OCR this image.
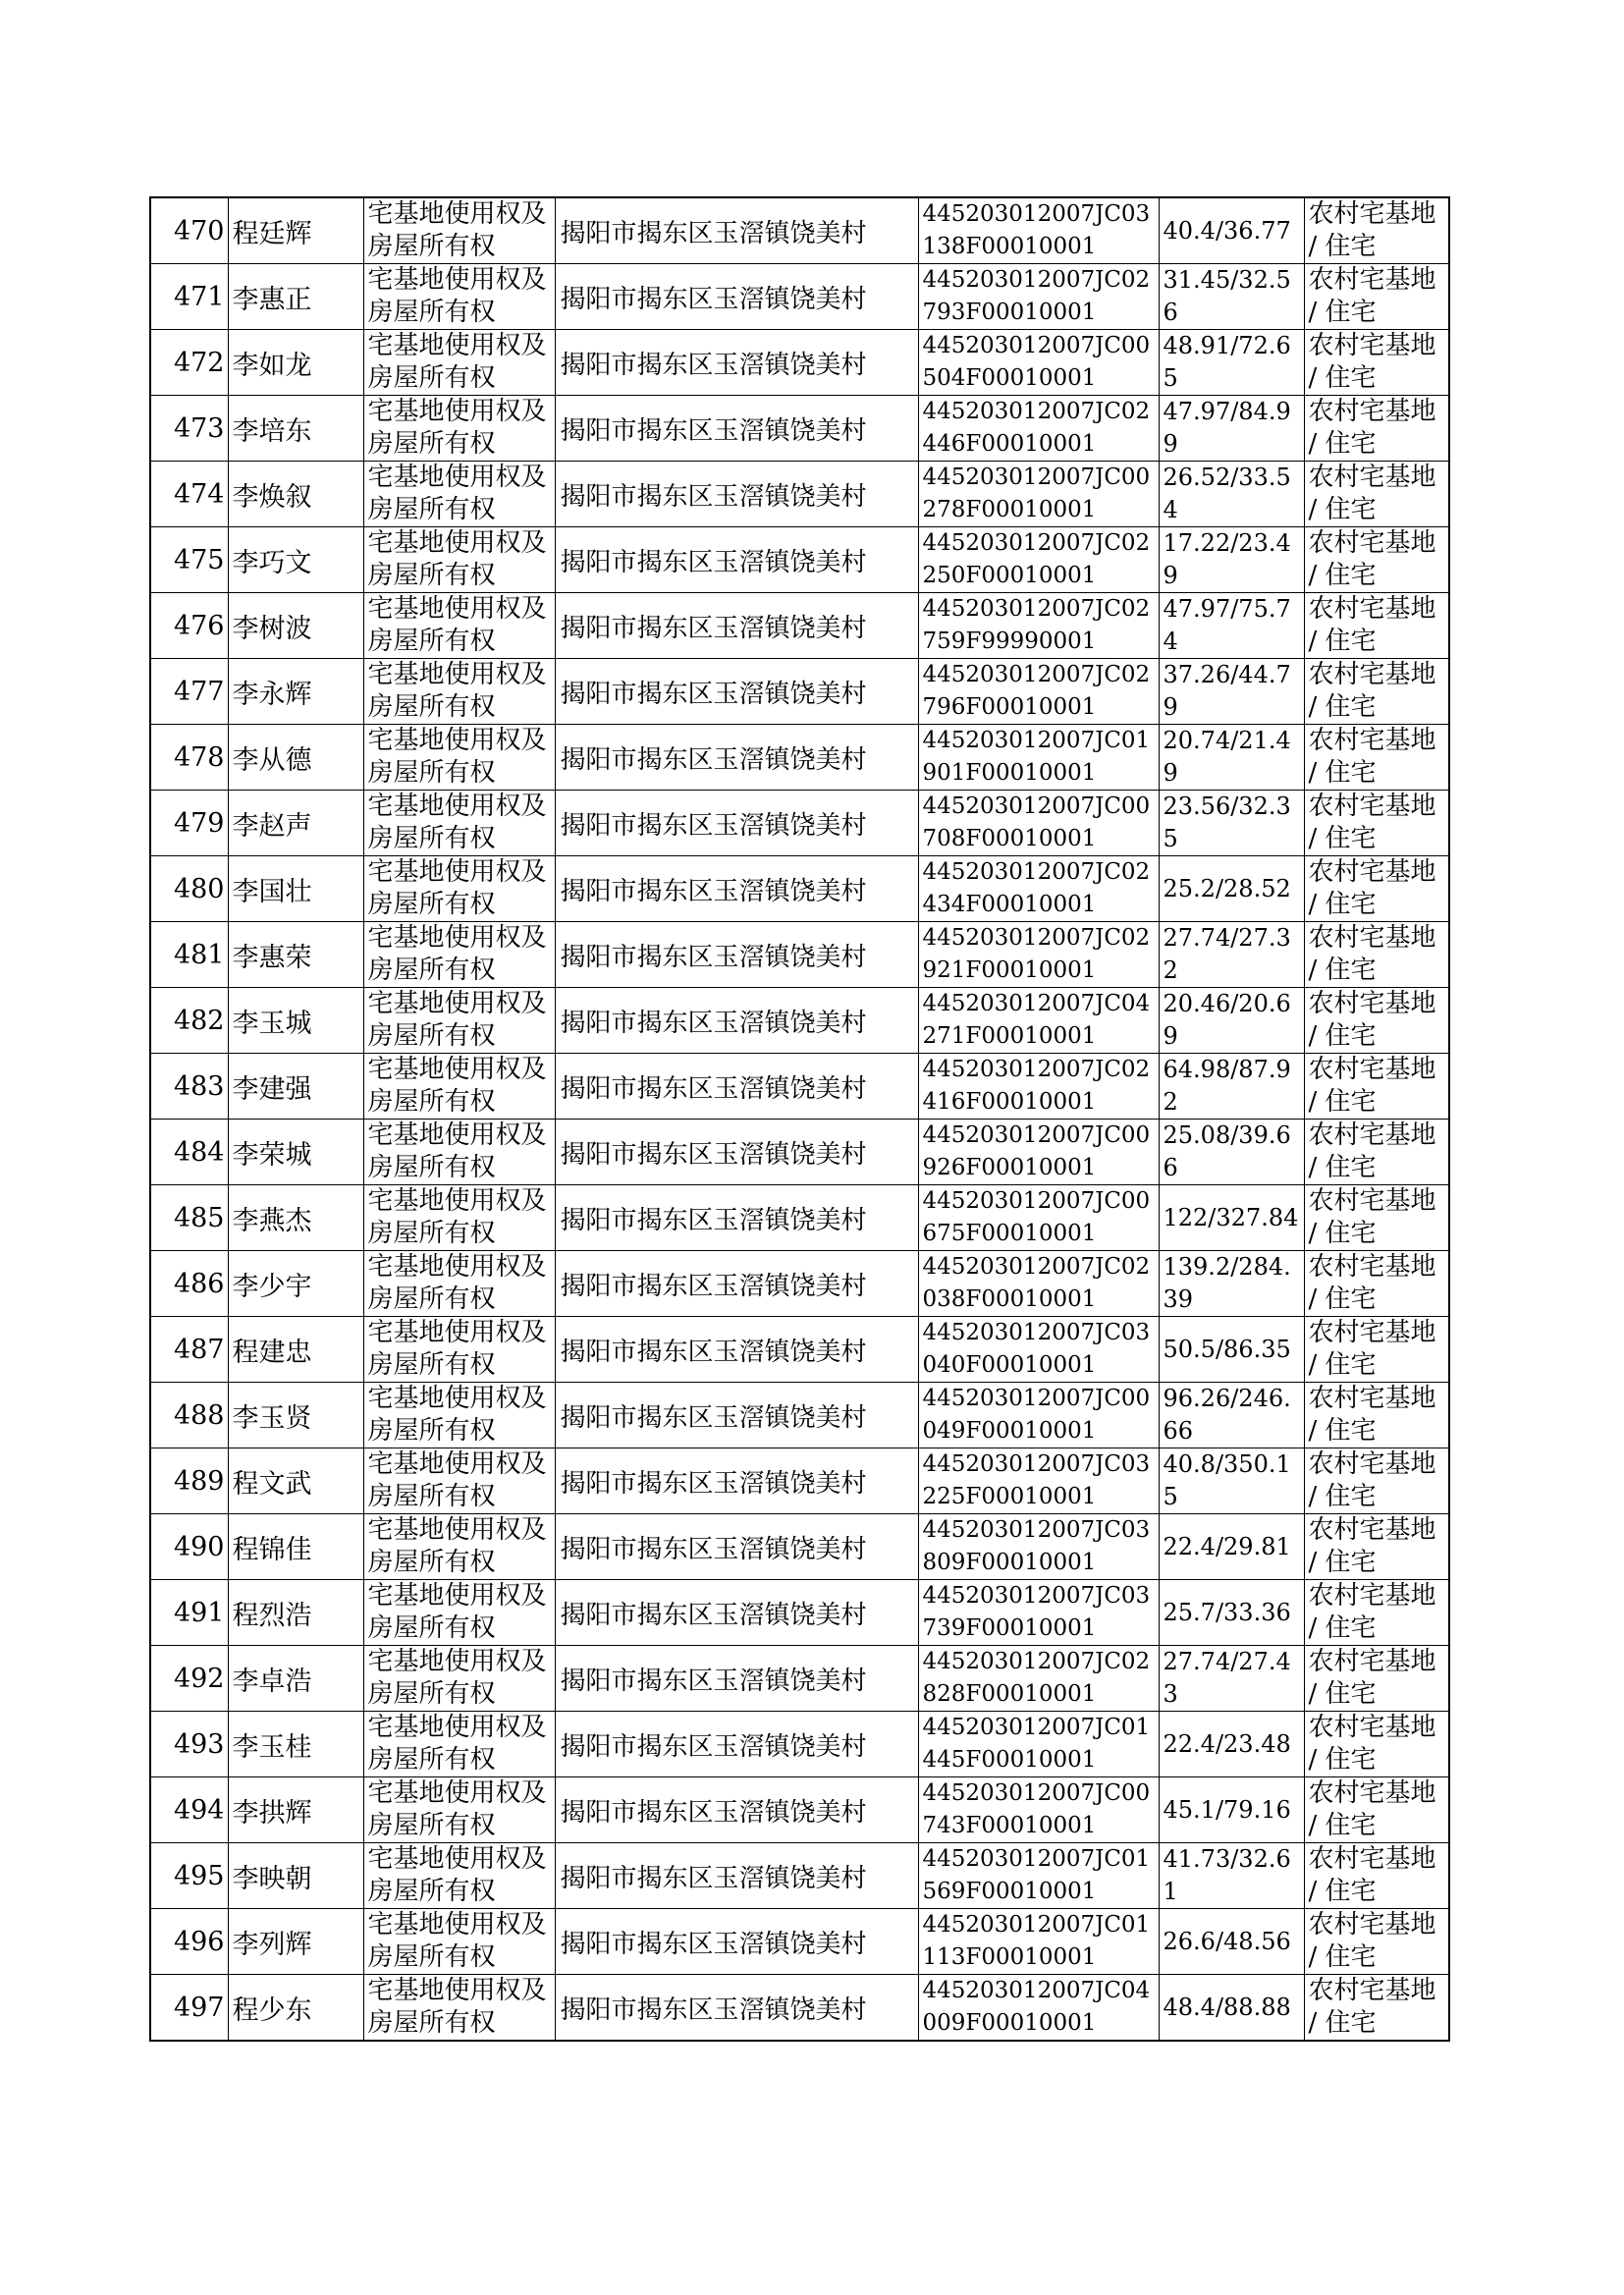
470	程廷辉	宅基地使用权及房屋所有权	揭阳市揭东区玉滘镇饶美村	445203012007JC03138F00010001	40.4/36.77	农村宅基地 / 住宅
471	李惠正	宅基地使用权及房屋所有权	揭阳市揭东区玉滘镇饶美村	445203012007JC02793F00010001	31.45/32.56	农村宅基地 / 住宅
472	李如龙	宅基地使用权及房屋所有权	揭阳市揭东区玉滘镇饶美村	445203012007JC00504F00010001	48.91/72.65	农村宅基地 / 住宅
473	李培东	宅基地使用权及房屋所有权	揭阳市揭东区玉滘镇饶美村	445203012007JC02446F00010001	47.97/84.99	农村宅基地 / 住宅
474	李焕叙	宅基地使用权及房屋所有权	揭阳市揭东区玉滘镇饶美村	445203012007JC00278F00010001	26.52/33.54	农村宅基地 / 住宅
475	李巧文	宅基地使用权及房屋所有权	揭阳市揭东区玉滘镇饶美村	445203012007JC02250F00010001	17.22/23.49	农村宅基地 / 住宅
476	李树波	宅基地使用权及房屋所有权	揭阳市揭东区玉滘镇饶美村	445203012007JC02759F99990001	47.97/75.74	农村宅基地 / 住宅
477	李永辉	宅基地使用权及房屋所有权	揭阳市揭东区玉滘镇饶美村	445203012007JC02796F00010001	37.26/44.79	农村宅基地 / 住宅
478	李从德	宅基地使用权及房屋所有权	揭阳市揭东区玉滘镇饶美村	445203012007JC01901F00010001	20.74/21.49	农村宅基地 / 住宅
479	李赵声	宅基地使用权及房屋所有权	揭阳市揭东区玉滘镇饶美村	445203012007JC00708F00010001	23.56/32.35	农村宅基地 / 住宅
480	李国壮	宅基地使用权及房屋所有权	揭阳市揭东区玉滘镇饶美村	445203012007JC02434F00010001	25.2/28.52	农村宅基地 / 住宅
481	李惠荣	宅基地使用权及房屋所有权	揭阳市揭东区玉滘镇饶美村	445203012007JC02921F00010001	27.74/27.32	农村宅基地 / 住宅
482	李玉城	宅基地使用权及房屋所有权	揭阳市揭东区玉滘镇饶美村	445203012007JC04271F00010001	20.46/20.69	农村宅基地 / 住宅
483	李建强	宅基地使用权及房屋所有权	揭阳市揭东区玉滘镇饶美村	445203012007JC02416F00010001	64.98/87.92	农村宅基地 / 住宅
484	李荣城	宅基地使用权及房屋所有权	揭阳市揭东区玉滘镇饶美村	445203012007JC00926F00010001	25.08/39.66	农村宅基地 / 住宅
485	李燕杰	宅基地使用权及房屋所有权	揭阳市揭东区玉滘镇饶美村	445203012007JC00675F00010001	122/327.84	农村宅基地 / 住宅
486	李少宇	宅基地使用权及房屋所有权	揭阳市揭东区玉滘镇饶美村	445203012007JC02038F00010001	139.2/284.39	农村宅基地 / 住宅
487	程建忠	宅基地使用权及房屋所有权	揭阳市揭东区玉滘镇饶美村	445203012007JC03040F00010001	50.5/86.35	农村宅基地 / 住宅
488	李玉贤	宅基地使用权及房屋所有权	揭阳市揭东区玉滘镇饶美村	445203012007JC00049F00010001	96.26/246.66	农村宅基地 / 住宅
489	程文武	宅基地使用权及房屋所有权	揭阳市揭东区玉滘镇饶美村	445203012007JC03225F00010001	40.8/350.15	农村宅基地 / 住宅
490	程锦佳	宅基地使用权及房屋所有权	揭阳市揭东区玉滘镇饶美村	445203012007JC03809F00010001	22.4/29.81	农村宅基地 / 住宅
491	程烈浩	宅基地使用权及房屋所有权	揭阳市揭东区玉滘镇饶美村	445203012007JC03739F00010001	25.7/33.36	农村宅基地 / 住宅
492	李卓浩	宅基地使用权及房屋所有权	揭阳市揭东区玉滘镇饶美村	445203012007JC02828F00010001	27.74/27.43	农村宅基地 / 住宅
493	李玉桂	宅基地使用权及房屋所有权	揭阳市揭东区玉滘镇饶美村	445203012007JC01445F00010001	22.4/23.48	农村宅基地 / 住宅
494	李拱辉	宅基地使用权及房屋所有权	揭阳市揭东区玉滘镇饶美村	445203012007JC00743F00010001	45.1/79.16	农村宅基地 / 住宅
495	李映朝	宅基地使用权及房屋所有权	揭阳市揭东区玉滘镇饶美村	445203012007JC01569F00010001	41.73/32.61	农村宅基地 / 住宅
496	李列辉	宅基地使用权及房屋所有权	揭阳市揭东区玉滘镇饶美村	445203012007JC01113F00010001	26.6/48.56	农村宅基地 / 住宅
497	程少东	宅基地使用权及房屋所有权	揭阳市揭东区玉滘镇饶美村	445203012007JC04009F00010001	48.4/88.88	农村宅基地 / 住宅
